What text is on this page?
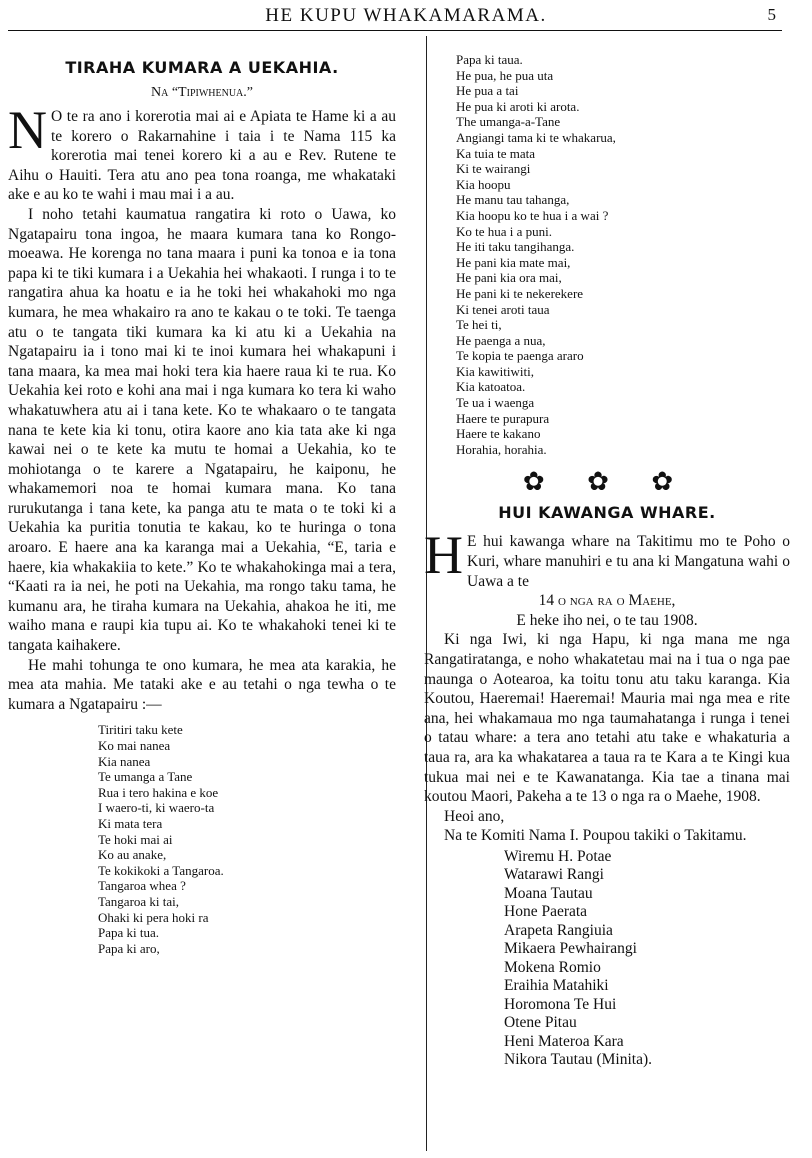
HE KUPU WHAKAMARAMA.	5
TIRAHA KUMARA A UEKAHIA.
Na “Tipiwhenua.”

N O te ra ano i korerotia mai ai e Apiata te Hame ki a au te korero o Rakarnahine i taia i te Nama 115 ka korerotia mai tenei korero ki a au e Rev. Rutene te Aihu o Hauiti. Tera atu ano pea tona roanga, me whakataki ake e au ko te wahi i mau mai i a au.

I noho tetahi kaumatua rangatira ki roto o Uawa, ko Ngatapairu tona ingoa, he maara kumara tana ko Rongo-moeawa. He korenga no tana maara i puni ka tonoa e ia tona papa ki te tiki kumara i a Uekahia hei whakaoti. I runga i to te rangatira ahua ka hoatu e ia he toki hei whakahoki mo nga kumara, he mea whakairo ra ano te kakau o te toki. Te taenga atu o te tangata tiki kumara ka ki atu ki a Uekahia na Ngatapairu ia i tono mai ki te inoi kumara hei whakapuni i tana maara, ka mea mai hoki tera kia haere raua ki te rua. Ko Uekahia kei roto e kohi ana mai i nga kumara ko tera ki waho whakatuwhera atu ai i tana kete. Ko te whakaaro o te tangata nana te kete kia ki tonu, otira kaore ano kia tata ake ki nga kawai nei o te kete ka mutu te homai a Uekahia, ko te mohiotanga o te karere a Ngatapairu, he kaiponu, he whakamemori noa te homai kumara mana. Ko tana rurukutanga i tana kete, ka panga atu te mata o te toki ki a Uekahia ka puritia tonutia te kakau, ko te huringa o tona aroaro. E haere ana ka karanga mai a Uekahia, “E, taria e haere, kia whakakiia to kete.” Ko te whakahokinga mai a tera, “Kaati ra ia nei, he poti na Uekahia, ma rongo taku tama, he kumanu ara, he tiraha kumara na Uekahia, ahakoa he iti, me waiho mana e raupi kia tupu ai. Ko te whakahoki tenei ki te tangata kaihakere.

He mahi tohunga te ono kumara, he mea ata karakia, he mea ata mahia. Me tataki ake e au tetahi o nga tewha o te kumara a Ngatapairu :—

Tiritiri taku kete
Ko mai nanea
Kia nanea
Te umanga a Tane
Rua i tero hakina e koe
I waero-ti, ki waero-ta
Ki mata tera
Te hoki mai ai
Ko au anake,
Te kokikoki a Tangaroa.
Tangaroa whea ?
Tangaroa ki tai,
Ohaki ki pera hoki ra
Papa ki tua.
Papa ki aro,
Papa ki taua.
He pua, he pua uta
He pua a tai
He pua ki aroti ki arota.
The umanga-a-Tane
Angiangi tama ki te whakarua,
Ka tuia te mata
Ki te wairangi
Kia hoopu
He manu tau tahanga,
Kia hoopu ko te hua i a wai ?
Ko te hua i a puni.
He iti taku tangihanga.
He pani kia mate mai,
He pani kia ora mai,
He pani ki te nekerekere
Ki tenei aroti taua
Te hei ti,
He paenga a nua,
Te kopia te paenga araro
Kia kawitiwiti,
Kia katoatoa.
Te ua i waenga
Haere te purapura
Haere te kakano
Horahia, horahia.
✿ ✿ ✿
HUI KAWANGA WHARE.

H E hui kawanga whare na Takitimu mo te Poho o Kuri, whare manuhiri e tu ana ki Mangatuna wahi o Uawa a te

14 o nga ra o Maehe,

E heke iho nei, o te tau 1908.

Ki nga Iwi, ki nga Hapu, ki nga mana me nga Rangatiratanga, e noho whakatetau mai na i tua o nga pae maunga o Aotearoa, ka toitu tonu atu taku karanga. Kia Koutou, Haeremai! Haeremai! Mauria mai nga mea e rite ana, hei whakamaua mo nga taumahatanga i runga i tenei o tatau whare: a tera ano tetahi atu take e whakaturia a taua ra, ara ka whakatarea a taua ra te Kara a te Kingi kua tukua mai nei e te Kawanatanga. Kia tae a tinana mai koutou Maori, Pakeha a te 13 o nga ra o Maehe, 1908.

Heoi ano,

Na te Komiti Nama I. Poupou takiki o Takitamu.

Wiremu H. Potae
Watarawi Rangi
Moana Tautau
Hone Paerata
Arapeta Rangiuia
Mikaera Pewhairangi
Mokena Romio
Eraihia Matahiki
Horomona Te Hui
Otene Pitau
Heni Materoa Kara
Nikora Tautau (Minita).
